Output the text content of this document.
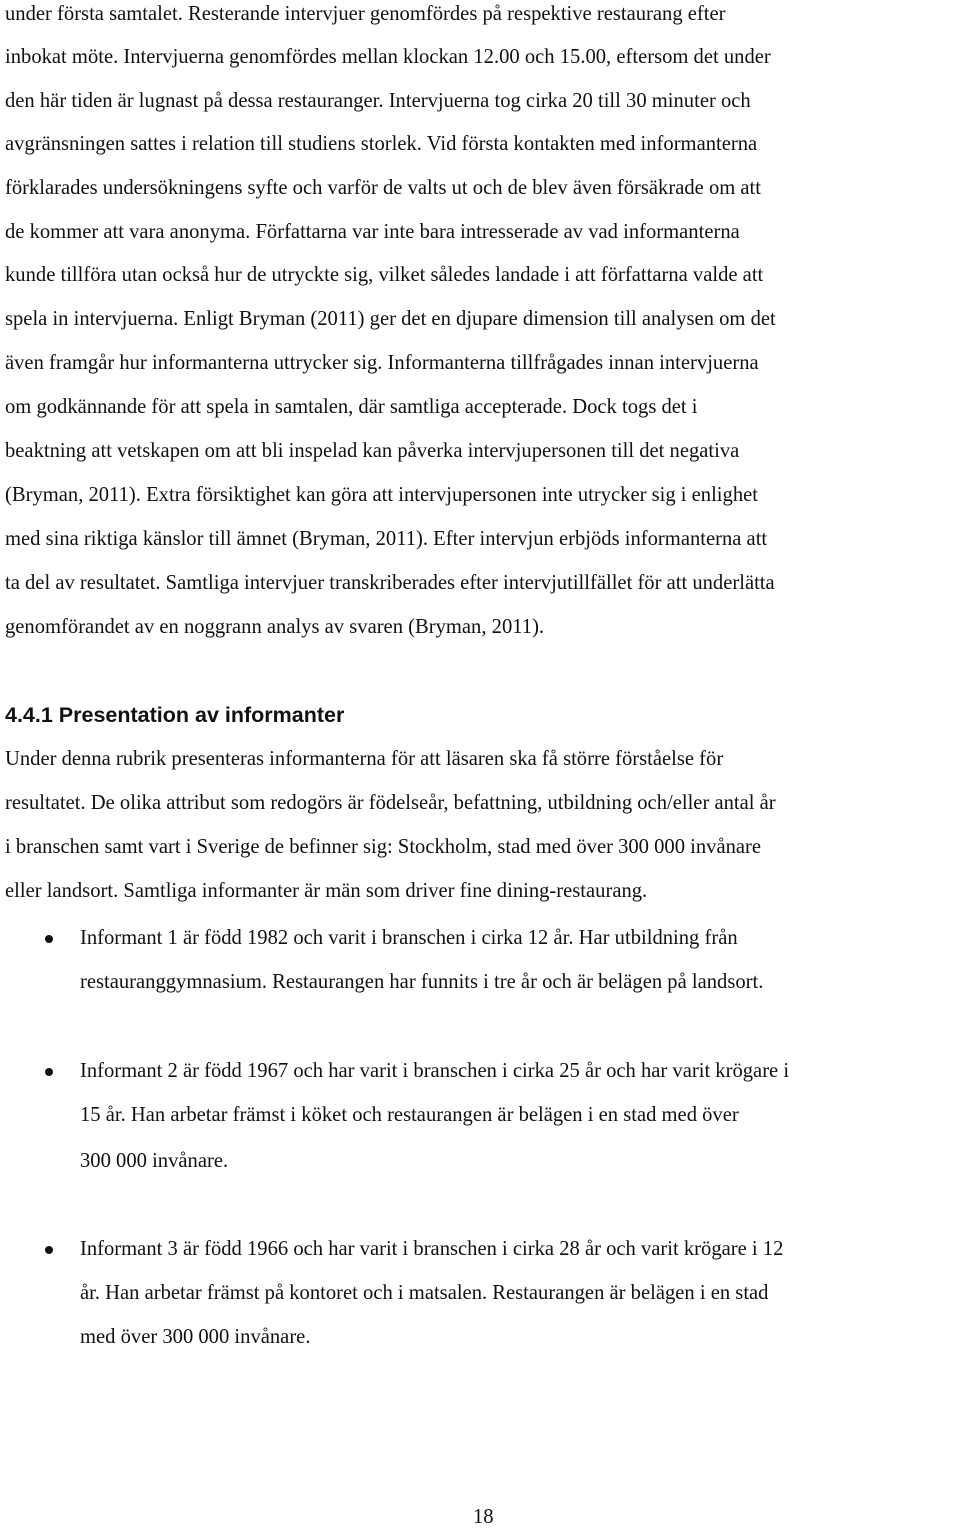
under första samtalet. Resterande intervjuer genomfördes på respektive restaurang efter
inbokat möte. Intervjuerna genomfördes mellan klockan 12.00 och 15.00, eftersom det under
den här tiden är lugnast på dessa restauranger. Intervjuerna tog cirka 20 till 30 minuter och
avgränsningen sattes i relation till studiens storlek. Vid första kontakten med informanterna
förklarades undersökningens syfte och varför de valts ut och de blev även försäkrade om att
de kommer att vara anonyma. Författarna var inte bara intresserade av vad informanterna
kunde tillföra utan också hur de utryckte sig, vilket således landade i att författarna valde att
spela in intervjuerna. Enligt Bryman (2011) ger det en djupare dimension till analysen om det
även framgår hur informanterna uttrycker sig. Informanterna tillfrågades innan intervjuerna
om godkännande för att spela in samtalen, där samtliga accepterade. Dock togs det i
beaktning att vetskapen om att bli inspelad kan påverka intervjupersonen till det negativa
(Bryman, 2011). Extra försiktighet kan göra att intervjupersonen inte utrycker sig i enlighet
med sina riktiga känslor till ämnet (Bryman, 2011). Efter intervjun erbjöds informanterna att
ta del av resultatet. Samtliga intervjuer transkriberades efter intervjutillfället för att underlätta
genomförandet av en noggrann analys av svaren (Bryman, 2011).
4.4.1 Presentation av informanter
Under denna rubrik presenteras informanterna för att läsaren ska få större förståelse för
resultatet. De olika attribut som redogörs är födelseår, befattning, utbildning och/eller antal år
i branschen samt vart i Sverige de befinner sig: Stockholm, stad med över 300 000 invånare
eller landsort. Samtliga informanter är män som driver fine dining-restaurang.
Informant 1 är född 1982 och varit i branschen i cirka 12 år. Har utbildning från
restauranggymnasium. Restaurangen har funnits i tre år och är belägen på landsort.
Informant 2 är född 1967 och har varit i branschen i cirka 25 år och har varit krögare i
15 år. Han arbetar främst i köket och restaurangen är belägen i en stad med över
300 000 invånare.
Informant 3 är född 1966 och har varit i branschen i cirka 28 år och varit krögare i 12
år. Han arbetar främst på kontoret och i matsalen. Restaurangen är belägen i en stad
med över 300 000 invånare.
18
